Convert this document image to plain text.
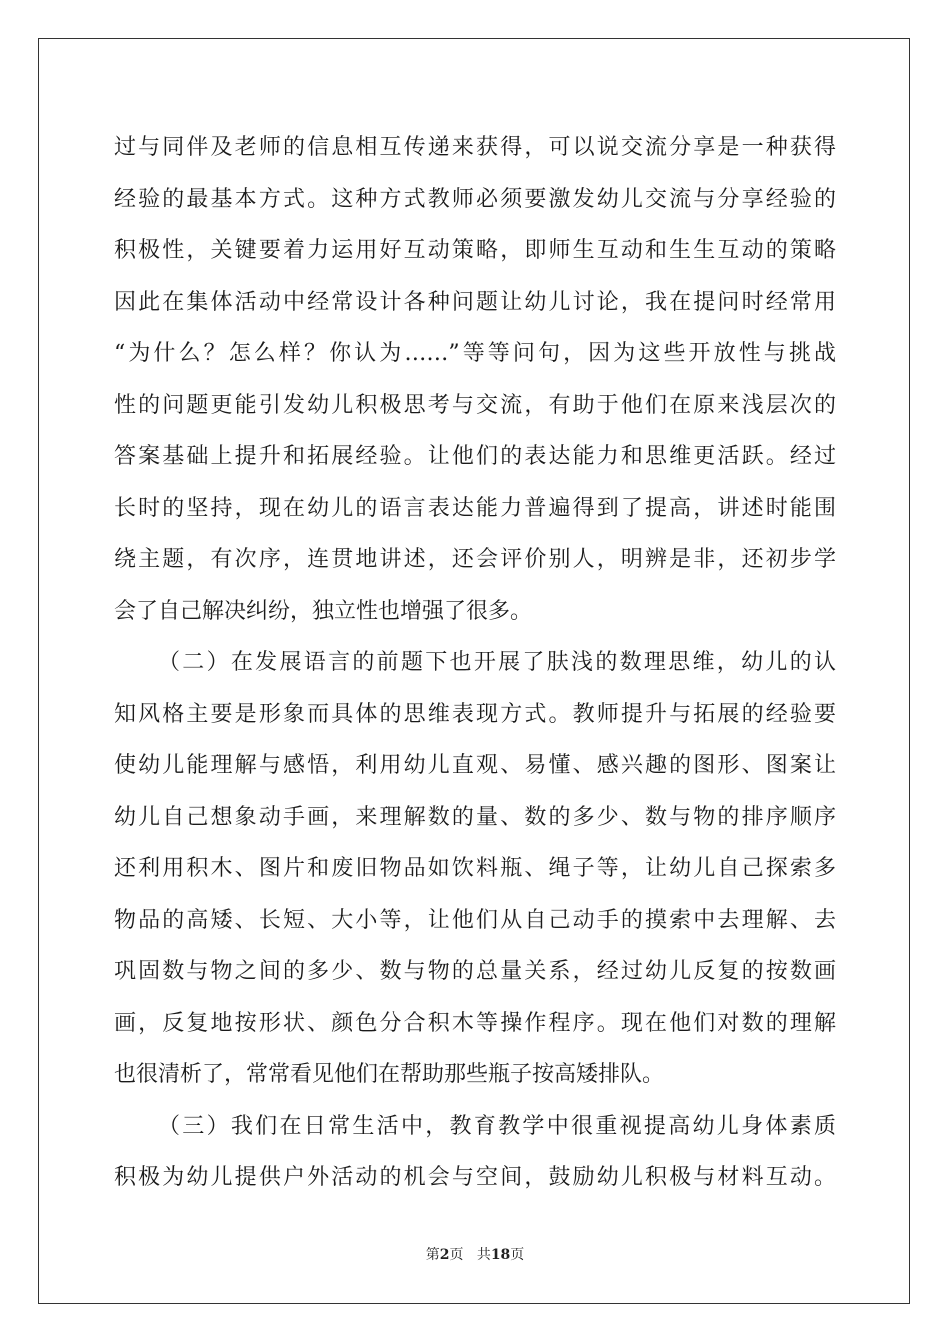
过与同伴及老师的信息相互传递来获得，可以说交流分享是一种获得
经验的最基本方式。这种方式教师必须要激发幼儿交流与分享经验的
积极性，关键要着力运用好互动策略，即师生互动和生生互动的策略
因此在集体活动中经常设计各种问题让幼儿讨论，我在提问时经常用
“为什么？怎么样？你认为……”等等问句，因为这些开放性与挑战
性的问题更能引发幼儿积极思考与交流，有助于他们在原来浅层次的
答案基础上提升和拓展经验。让他们的表达能力和思维更活跃。经过
长时的坚持，现在幼儿的语言表达能力普遍得到了提高，讲述时能围
绕主题，有次序，连贯地讲述，还会评价别人，明辨是非，还初步学
会了自己解决纠纷，独立性也增强了很多。
（二）在发展语言的前题下也开展了肤浅的数理思维，幼儿的认
知风格主要是形象而具体的思维表现方式。教师提升与拓展的经验要
使幼儿能理解与感悟，利用幼儿直观、易懂、感兴趣的图形、图案让
幼儿自己想象动手画，来理解数的量、数的多少、数与物的排序顺序
还利用积木、图片和废旧物品如饮料瓶、绳子等，让幼儿自己探索多
物品的高矮、长短、大小等，让他们从自己动手的摸索中去理解、去
巩固数与物之间的多少、数与物的总量关系，经过幼儿反复的按数画
画，反复地按形状、颜色分合积木等操作程序。现在他们对数的理解
也很清析了，常常看见他们在帮助那些瓶子按高矮排队。
（三）我们在日常生活中，教育教学中很重视提高幼儿身体素质
积极为幼儿提供户外活动的机会与空间，鼓励幼儿积极与材料互动。
第2页 共18页
